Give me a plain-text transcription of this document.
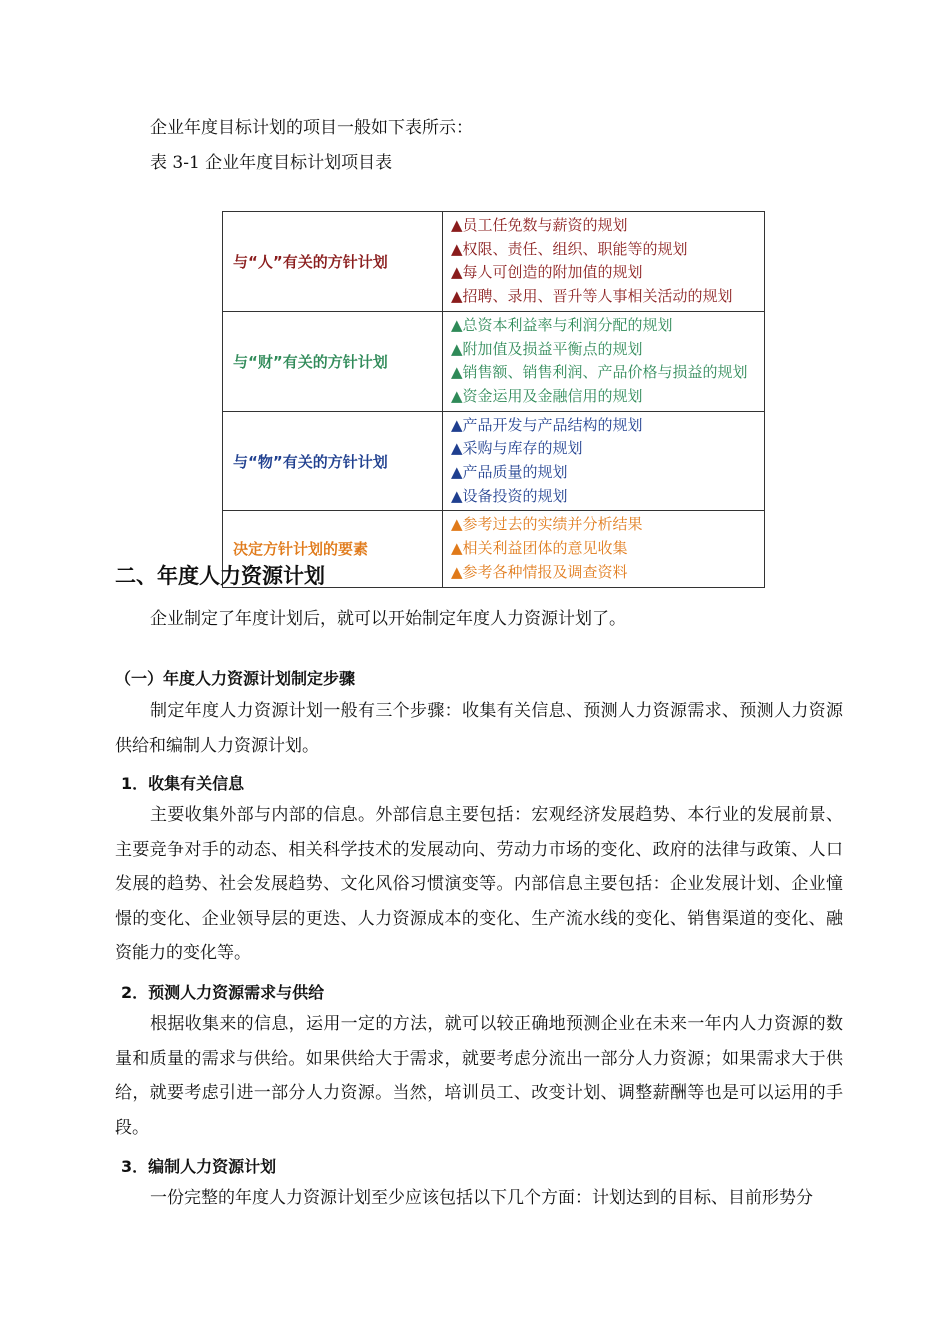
企业年度目标计划的项目一般如下表所示：
表 3-1 企业年度目标计划项目表
与“人”有关的方针计划	▲员工任免数与薪资的规划
▲权限、责任、组织、职能等的规划
▲每人可创造的附加值的规划
▲招聘、录用、晋升等人事相关活动的规划

与“财”有关的方针计划	▲总资本利益率与利润分配的规划
▲附加值及损益平衡点的规划
▲销售额、销售利润、产品价格与损益的规划
▲资金运用及金融信用的规划

与“物”有关的方针计划	▲产品开发与产品结构的规划
▲采购与库存的规划
▲产品质量的规划
▲设备投资的规划

决定方针计划的要素	▲参考过去的实绩并分析结果
▲相关利益团体的意见收集
▲参考各种情报及调查资料
二、年度人力资源计划
企业制定了年度计划后，就可以开始制定年度人力资源计划了。
（一）年度人力资源计划制定步骤
制定年度人力资源计划一般有三个步骤：收集有关信息、预测人力资源需求、预测人力资源供给和编制人力资源计划。
1．收集有关信息
主要收集外部与内部的信息。外部信息主要包括：宏观经济发展趋势、本行业的发展前景、主要竞争对手的动态、相关科学技术的发展动向、劳动力市场的变化、政府的法律与政策、人口发展的趋势、社会发展趋势、文化风俗习惯演变等。内部信息主要包括：企业发展计划、企业憧憬的变化、企业领导层的更迭、人力资源成本的变化、生产流水线的变化、销售渠道的变化、融资能力的变化等。
2．预测人力资源需求与供给
根据收集来的信息，运用一定的方法，就可以较正确地预测企业在未来一年内人力资源的数量和质量的需求与供给。如果供给大于需求，就要考虑分流出一部分人力资源；如果需求大于供给，就要考虑引进一部分人力资源。当然，培训员工、改变计划、调整薪酬等也是可以运用的手段。
3．编制人力资源计划
一份完整的年度人力资源计划至少应该包括以下几个方面：计划达到的目标、目前形势分
